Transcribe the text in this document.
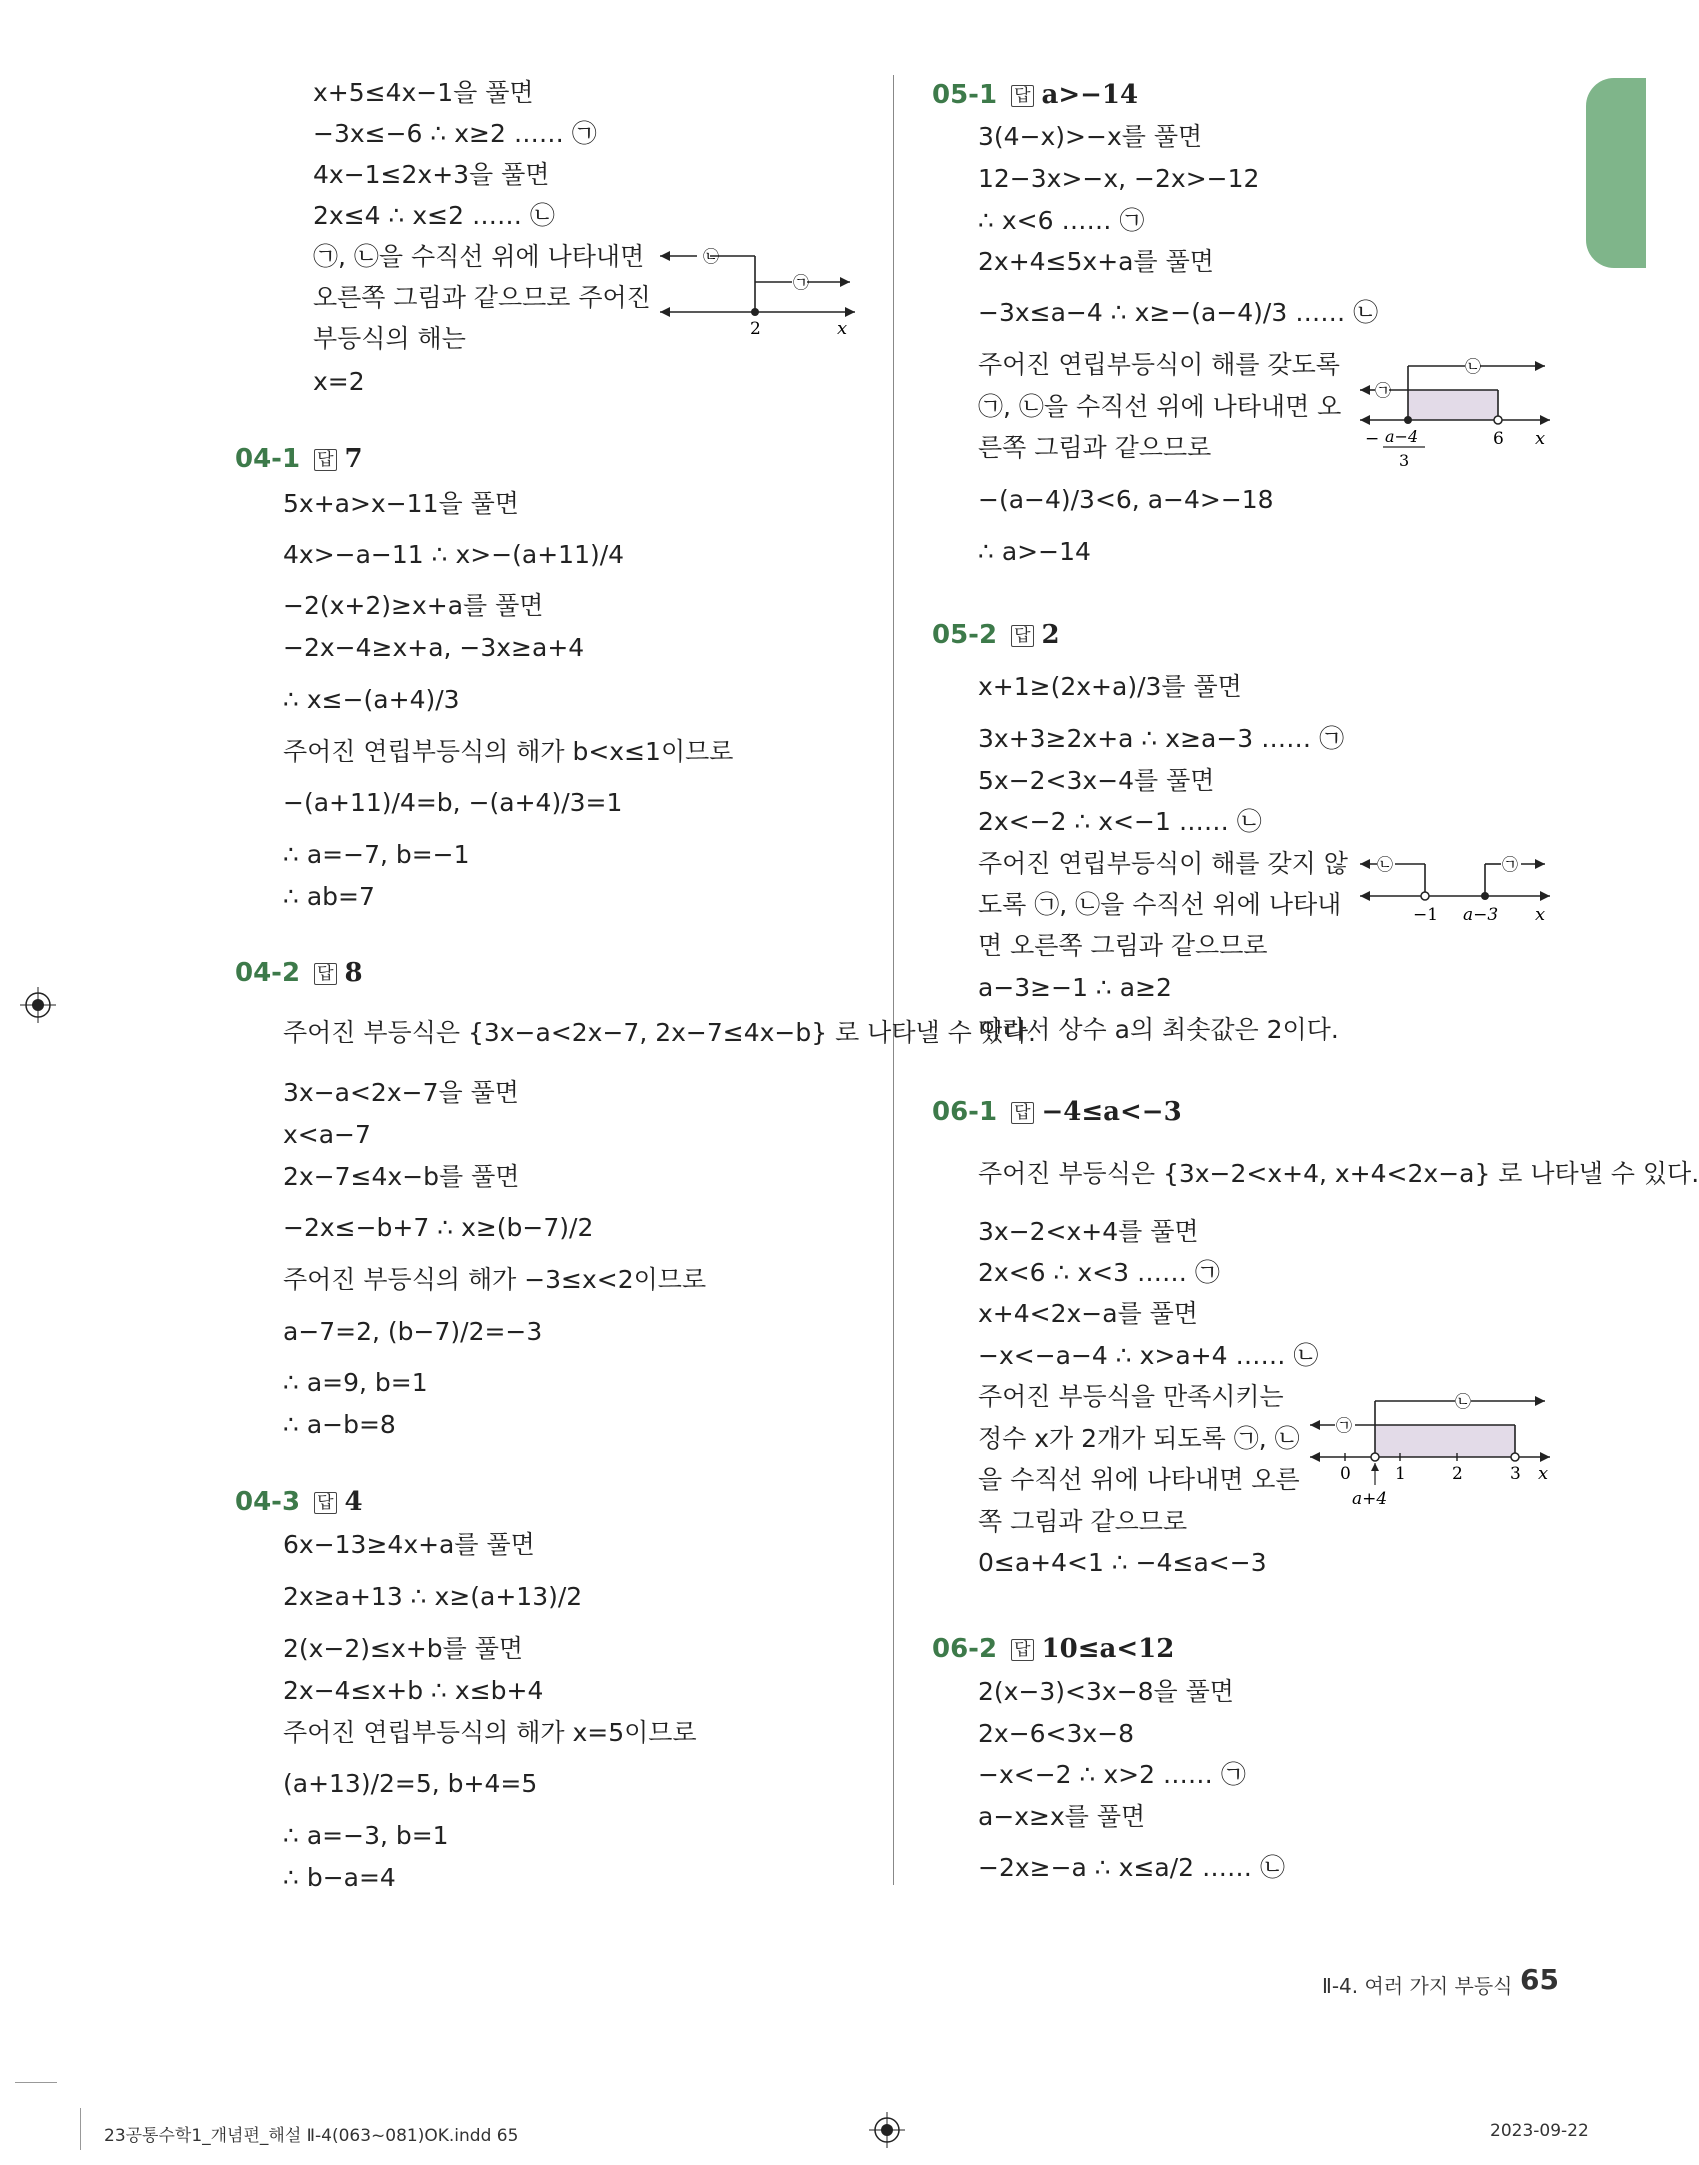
x+5≤4x−1을 풀면
−3x≤−6 ∴ x≥2 …… ㉠
4x−1≤2x+3을 풀면
2x≤4 ∴ x≤2 …… ㉡
㉠, ㉡을 수직선 위에 나타내면
오른쪽 그림과 같으므로 주어진
부등식의 해는
x=2
㉡
㉠
2	x
04-1 답 7
5x+a>x−11을 풀면
4x>−a−11 ∴ x>−(a+11)/4
−2(x+2)≥x+a를 풀면
−2x−4≥x+a, −3x≥a+4
∴ x≤−(a+4)/3
주어진 연립부등식의 해가 b<x≤1이므로
−(a+11)/4=b, −(a+4)/3=1
∴ a=−7, b=−1
∴ ab=7
04-2 답 8
주어진 부등식은 {3x−a<2x−7, 2x−7≤4x−b} 로 나타낼 수 있다.
3x−a<2x−7을 풀면
x<a−7
2x−7≤4x−b를 풀면
−2x≤−b+7 ∴ x≥(b−7)/2
주어진 부등식의 해가 −3≤x<2이므로
a−7=2, (b−7)/2=−3
∴ a=9, b=1
∴ a−b=8
04-3 답 4
6x−13≥4x+a를 풀면
2x≥a+13 ∴ x≥(a+13)/2
2(x−2)≤x+b를 풀면
2x−4≤x+b ∴ x≤b+4
주어진 연립부등식의 해가 x=5이므로
(a+13)/2=5, b+4=5
∴ a=−3, b=1
∴ b−a=4
05-1 답 a>−14
3(4−x)>−x를 풀면
12−3x>−x, −2x>−12
∴ x<6 …… ㉠
2x+4≤5x+a를 풀면
−3x≤a−4 ∴ x≥−(a−4)/3 …… ㉡
주어진 연립부등식이 해를 갖도록
㉠, ㉡을 수직선 위에 나타내면 오
른쪽 그림과 같으므로
−(a−4)/3<6, a−4>−18
∴ a>−14
㉠
㉡
− a−4
3
6 x
05-2 답 2
x+1≥(2x+a)/3를 풀면
3x+3≥2x+a ∴ x≥a−3 …… ㉠
5x−2<3x−4를 풀면
2x<−2 ∴ x<−1 …… ㉡
주어진 연립부등식이 해를 갖지 않
도록 ㉠, ㉡을 수직선 위에 나타내
면 오른쪽 그림과 같으므로
a−3≥−1 ∴ a≥2
따라서 상수 a의 최솟값은 2이다.
㉡	㉠
−1 a−3 x
06-1 답 −4≤a<−3
주어진 부등식은 {3x−2<x+4, x+4<2x−a} 로 나타낼 수 있다.
3x−2<x+4를 풀면
2x<6 ∴ x<3 …… ㉠
x+4<2x−a를 풀면
−x<−a−4 ∴ x>a+4 …… ㉡
주어진 부등식을 만족시키는
정수 x가 2개가 되도록 ㉠, ㉡
을 수직선 위에 나타내면 오른
쪽 그림과 같으므로
0≤a+4<1 ∴ −4≤a<−3
㉠
㉡
0	1	2	3 x
a+4
06-2 답 10≤a<12
2(x−3)<3x−8을 풀면
2x−6<3x−8
−x<−2 ∴ x>2 …… ㉠
a−x≥x를 풀면
−2x≥−a ∴ x≤a/2 …… ㉡
Ⅱ-4. 여러 가지 부등식 65
23공통수학1_개념편_해설 Ⅱ-4(063~081)OK.indd 65	2023-09-22
